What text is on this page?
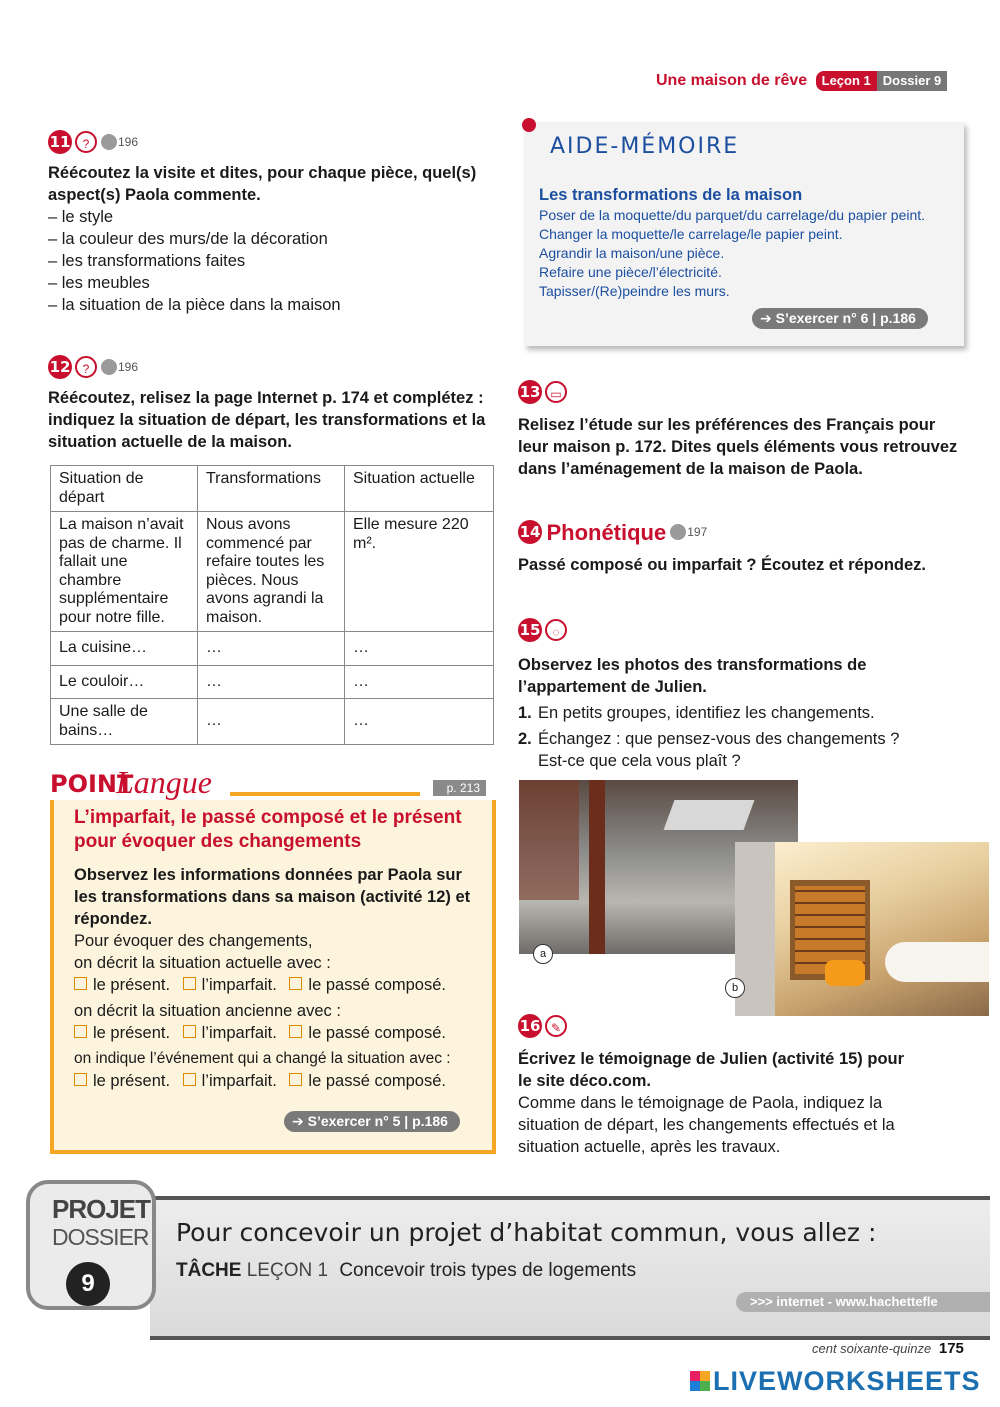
Une maison de rêve Leçon 1 Dossier 9
11 ? 196
Réécoutez la visite et dites, pour chaque pièce, quel(s) aspect(s) Paola commente.
– le style
– la couleur des murs/de la décoration
– les transformations faites
– les meubles
– la situation de la pièce dans la maison
12 ? 196
Réécoutez, relisez la page Internet p. 174 et complétez : indiquez la situation de départ, les transformations et la situation actuelle de la maison.
Situation de départ	Transformations	Situation actuelle
La maison n’avait pas de charme. Il fallait une chambre supplémentaire pour notre fille.	Nous avons commencé par refaire toutes les pièces. Nous avons agrandi la maison.	Elle mesure 220 m².
La cuisine…	…	…
Le couloir…	…	…
Une salle de bains…	…	…
POINT
Langue	p. 213
L’imparfait, le passé composé et le présent pour évoquer des changements
Observez les informations données par Paola sur les transformations dans sa maison (activité 12) et répondez.
Pour évoquer des changements,
on décrit la situation actuelle avec :
le présent. l’imparfait. le passé composé.
on décrit la situation ancienne avec :
le présent. l’imparfait. le passé composé.
on indique l’événement qui a changé la situation avec :
le présent. l’imparfait. le passé composé.
➔ S’exercer n° 5 | p.186
AIDE-MÉMOIRE
Les transformations de la maison
Poser de la moquette/du parquet/du carrelage/du papier peint.
Changer la moquette/le carrelage/le papier peint.
Agrandir la maison/une pièce.
Refaire une pièce/l’électricité.
Tapisser/(Re)peindre les murs.
➔ S’exercer n° 6 | p.186
13 ▭
Relisez l’étude sur les préférences des Français pour leur maison p. 172. Dites quels éléments vous retrouvez dans l’aménagement de la maison de Paola.
14 Phonétique 197
Passé composé ou imparfait ? Écoutez et répondez.
15 ◌
Observez les photos des transformations de l’appartement de Julien.
1. En petits groupes, identifiez les changements.
2. Échangez : que pensez-vous des changements ? Est-ce que cela vous plaît ?
a
b
16 ✎
Écrivez le témoignage de Julien (activité 15) pour le site déco.com.
Comme dans le témoignage de Paola, indiquez la situation de départ, les changements effectués et la situation actuelle, après les travaux.
PROJET
DOSSIER
9
Pour concevoir un projet d’habitat commun, vous allez :
TÂCHE LEÇON 1 Concevoir trois types de logements
>>> internet - www.hachettefle
cent soixante-quinze 175
LIVEWORKSHEETS
